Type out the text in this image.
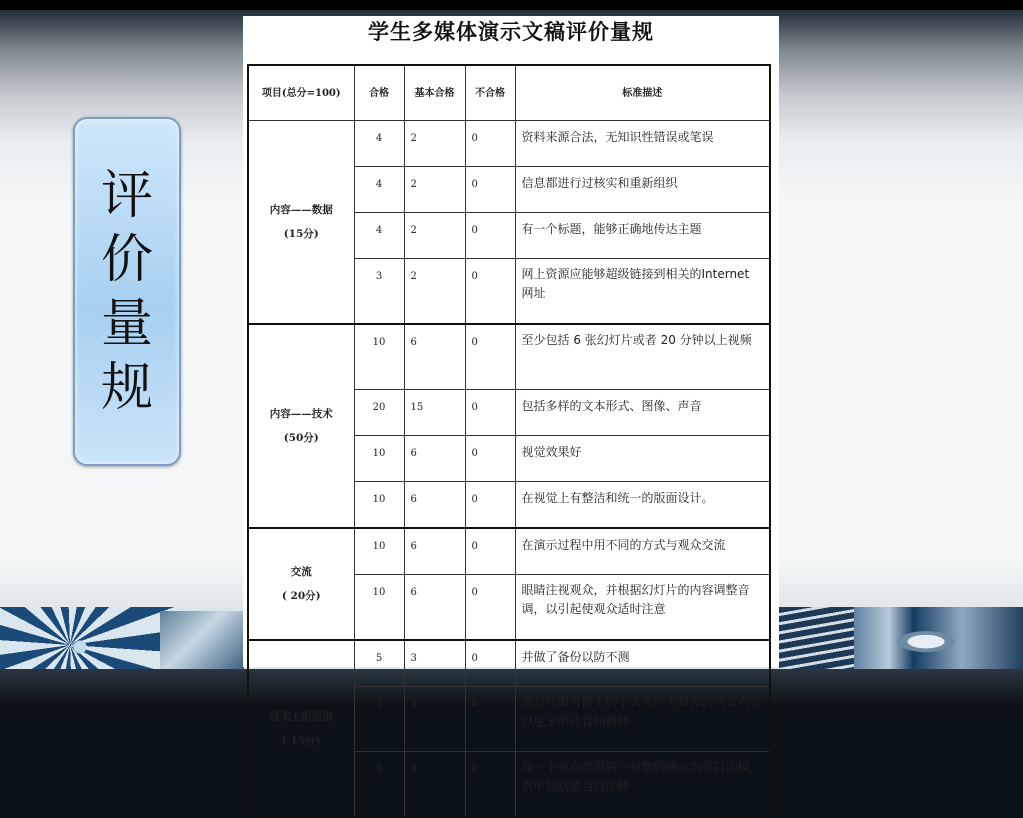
评
价
量
规
学生多媒体演示文稿评价量规
项目(总分=100)	合格	基本合格	不合格	标准描述

内容——数据
(15分)	4	2	0	资料来源合法，无知识性错误或笔误
	4	2	0	信息都进行过核实和重新组织
	4	2	0	有一个标题，能够正确地传达主题
	3	2	0	网上资源应能够超级链接到相关的Internet 网址

内容——技术
(50分)	10	6	0	至少包括 6 张幻灯片或者 20 分钟以上视频
	20	15	0	包括多样的文本形式、图像、声音
	10	6	0	视觉效果好
	10	6	0	在视觉上有整洁和统一的版面设计。

交流
( 20分)	10	6	0	在演示过程中用不同的方式与观众交流
	10	6	0	眼睛注视观众，并根据幻灯片的内容调整音调，以引起使观众适时注意

技术上的组织
( 15分)	5	3	0	并做了备份以防不测
	5	3	0	通过在服务器上的个人文件夹将你的网页内容以电子形式告知教师
	5	3	0	每一个听众都得到一份您的演示内容打印稿，其中包括适当的注释
